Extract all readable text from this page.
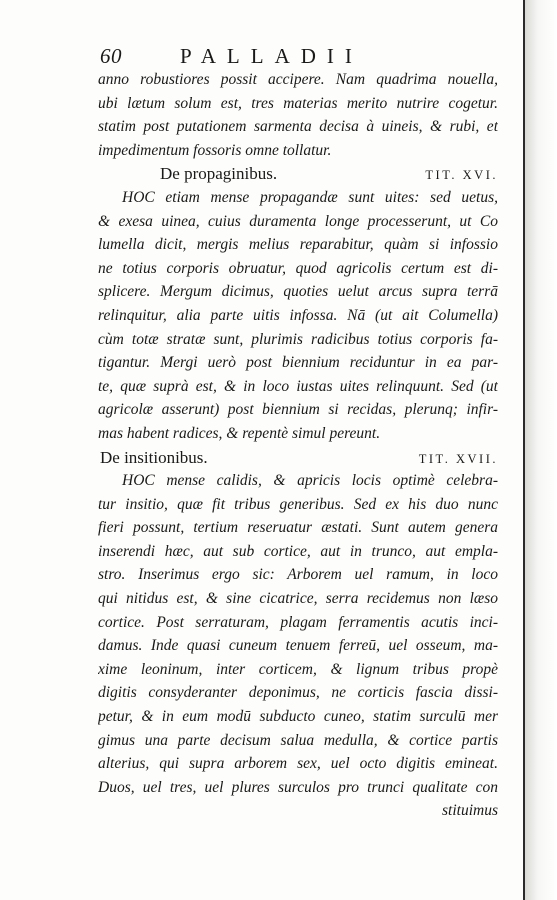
60	PALLADII
anno robustiores possit accipere. Nam quadrima nouella,
ubi lætum solum est, tres materias merito nutrire cogetur.
statim post putationem sarmenta decisa à uineis, & rubi, et
impedimentum fossoris omne tollatur.
De propaginibus.	TIT. XVI.
HOC etiam mense propagandæ sunt uites: sed uetus,
& exesa uinea, cuius duramenta longe processerunt, ut Co
lumella dicit, mergis melius reparabitur, quàm si infossio
ne totius corporis obruatur, quod agricolis certum est di-
splicere. Mergum dicimus, quoties uelut arcus supra terrā
relinquitur, alia parte uitis infossa. Nā (ut ait Columella)
cùm totæ stratæ sunt, plurimis radicibus totius corporis fa-
tigantur. Mergi uerò post biennium reciduntur in ea par-
te, quæ suprà est, & in loco iustas uites relinquunt. Sed (ut
agricolæ asserunt) post biennium si recidas, plerunq; infir-
mas habent radices, & repentè simul pereunt.
De insitionibus.	TIT. XVII.
HOC mense calidis, & apricis locis optimè celebra-
tur insitio, quæ fit tribus generibus. Sed ex his duo nunc
fieri possunt, tertium reseruatur æstati. Sunt autem genera
inserendi hæc, aut sub cortice, aut in trunco, aut empla-
stro. Inserimus ergo sic: Arborem uel ramum, in loco
qui nitidus est, & sine cicatrice, serra recidemus non læso
cortice. Post serraturam, plagam ferramentis acutis inci-
damus. Inde quasi cuneum tenuem ferreū, uel osseum, ma-
xime leoninum, inter corticem, & lignum tribus propè
digitis consyderanter deponimus, ne corticis fascia dissi-
petur, & in eum modū subducto cuneo, statim surculū mer
gimus una parte decisum salua medulla, & cortice partis
alterius, qui supra arborem sex, uel octo digitis emineat.
Duos, uel tres, uel plures surculos pro trunci qualitate con
stituimus
